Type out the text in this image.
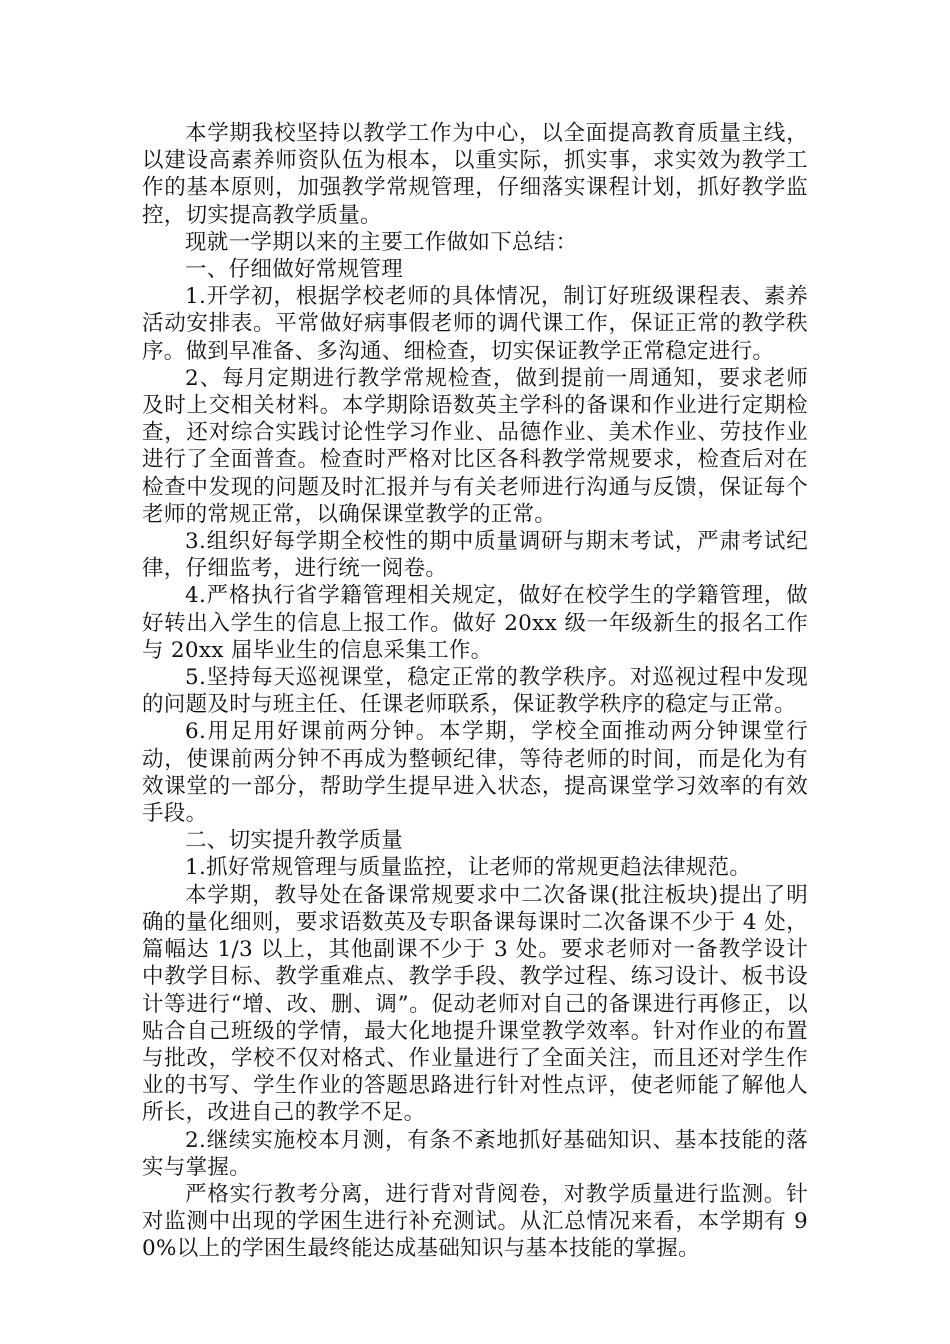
本学期我校坚持以教学工作为中心，以全面提高教育质量主线，以建设高素养师资队伍为根本，以重实际，抓实事，求实效为教学工作的基本原则，加强教学常规管理，仔细落实课程计划，抓好教学监控，切实提高教学质量。

现就一学期以来的主要工作做如下总结：

一、仔细做好常规管理

1.开学初，根据学校老师的具体情况，制订好班级课程表、素养活动安排表。平常做好病事假老师的调代课工作，保证正常的教学秩序。做到早准备、多沟通、细检查，切实保证教学正常稳定进行。

2、每月定期进行教学常规检查，做到提前一周通知，要求老师及时上交相关材料。本学期除语数英主学科的备课和作业进行定期检查，还对综合实践讨论性学习作业、品德作业、美术作业、劳技作业进行了全面普查。检查时严格对比区各科教学常规要求，检查后对在检查中发现的问题及时汇报并与有关老师进行沟通与反馈，保证每个老师的常规正常，以确保课堂教学的正常。

3.组织好每学期全校性的期中质量调研与期末考试，严肃考试纪律，仔细监考，进行统一阅卷。

4.严格执行省学籍管理相关规定，做好在校学生的学籍管理，做好转出入学生的信息上报工作。做好 20xx 级一年级新生的报名工作与 20xx 届毕业生的信息采集工作。

5.坚持每天巡视课堂，稳定正常的教学秩序。对巡视过程中发现的问题及时与班主任、任课老师联系，保证教学秩序的稳定与正常。

6.用足用好课前两分钟。本学期，学校全面推动两分钟课堂行动，使课前两分钟不再成为整顿纪律，等待老师的时间，而是化为有效课堂的一部分，帮助学生提早进入状态，提高课堂学习效率的有效手段。

二、切实提升教学质量

1.抓好常规管理与质量监控，让老师的常规更趋法律规范。

本学期，教导处在备课常规要求中二次备课(批注板块)提出了明确的量化细则，要求语数英及专职备课每课时二次备课不少于 4 处，篇幅达 1/3 以上，其他副课不少于 3 处。要求老师对一备教学设计中教学目标、教学重难点、教学手段、教学过程、练习设计、板书设计等进行“增、改、删、调”。促动老师对自己的备课进行再修正，以贴合自己班级的学情，最大化地提升课堂教学效率。针对作业的布置与批改，学校不仅对格式、作业量进行了全面关注，而且还对学生作业的书写、学生作业的答题思路进行针对性点评，使老师能了解他人所长，改进自己的教学不足。

2.继续实施校本月测，有条不紊地抓好基础知识、基本技能的落实与掌握。

严格实行教考分离，进行背对背阅卷，对教学质量进行监测。针对监测中出现的学困生进行补充测试。从汇总情况来看，本学期有 90%以上的学困生最终能达成基础知识与基本技能的掌握。
